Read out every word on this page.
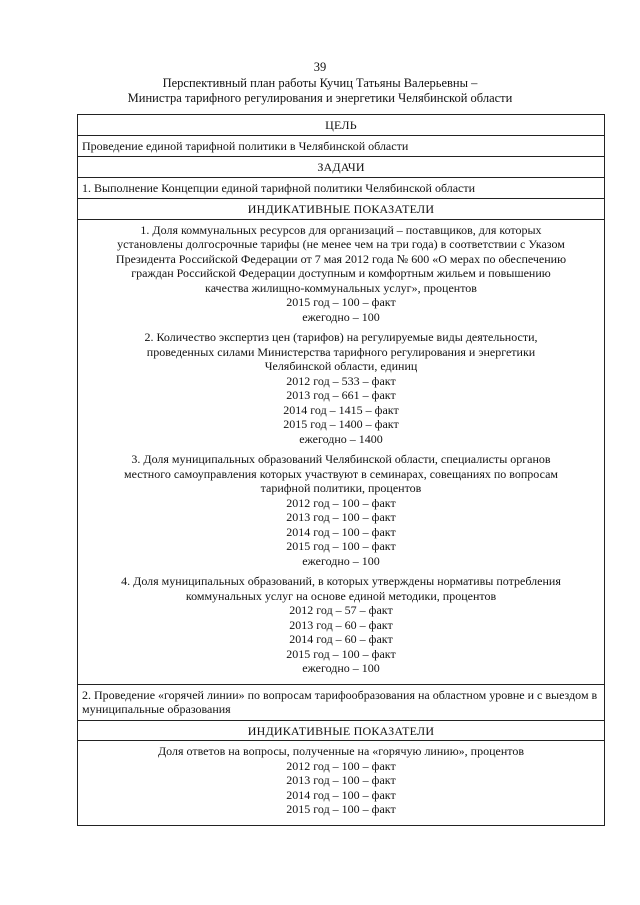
39
Перспективный план работы Кучиц Татьяны Валерьевны –
Министра тарифного регулирования и энергетики Челябинской области
ЦЕЛЬ
Проведение единой тарифной политики в Челябинской области
ЗАДАЧИ
1. Выполнение Концепции единой тарифной политики Челябинской области
ИНДИКАТИВНЫЕ ПОКАЗАТЕЛИ

1. Доля коммунальных ресурсов для организаций – поставщиков, для которых

установлены долгосрочные тарифы (не менее чем на три года) в соответствии с Указом

Президента Российской Федерации от 7 мая 2012 года № 600 «О мерах по обеспечению

граждан Российской Федерации доступным и комфортным жильем и повышению

качества жилищно-коммунальных услуг», процентов

2015 год – 100 – факт
ежегодно – 100

2. Количество экспертиз цен (тарифов) на регулируемые виды деятельности,

проведенных силами Министерства тарифного регулирования и энергетики

Челябинской области, единиц

2012 год – 533 – факт
2013 год – 661 – факт
2014 год – 1415 – факт
2015 год – 1400 – факт
ежегодно – 1400

3. Доля муниципальных образований Челябинской области, специалисты органов

местного самоуправления которых участвуют в семинарах, совещаниях по вопросам

тарифной политики, процентов

2012 год – 100 – факт
2013 год – 100 – факт
2014 год – 100 – факт
2015 год – 100 – факт
ежегодно – 100

4. Доля муниципальных образований, в которых утверждены нормативы потребления

коммунальных услуг на основе единой методики, процентов

2012 год – 57 – факт
2013 год – 60 – факт
2014 год – 60 – факт
2015 год – 100 – факт
ежегодно – 100
2. Проведение «горячей линии» по вопросам тарифообразования на областном уровне и с выездом в муниципальные образования
ИНДИКАТИВНЫЕ ПОКАЗАТЕЛИ

Доля ответов на вопросы, полученные на «горячую линию», процентов

2012 год – 100 – факт
2013 год – 100 – факт
2014 год – 100 – факт
2015 год – 100 – факт
